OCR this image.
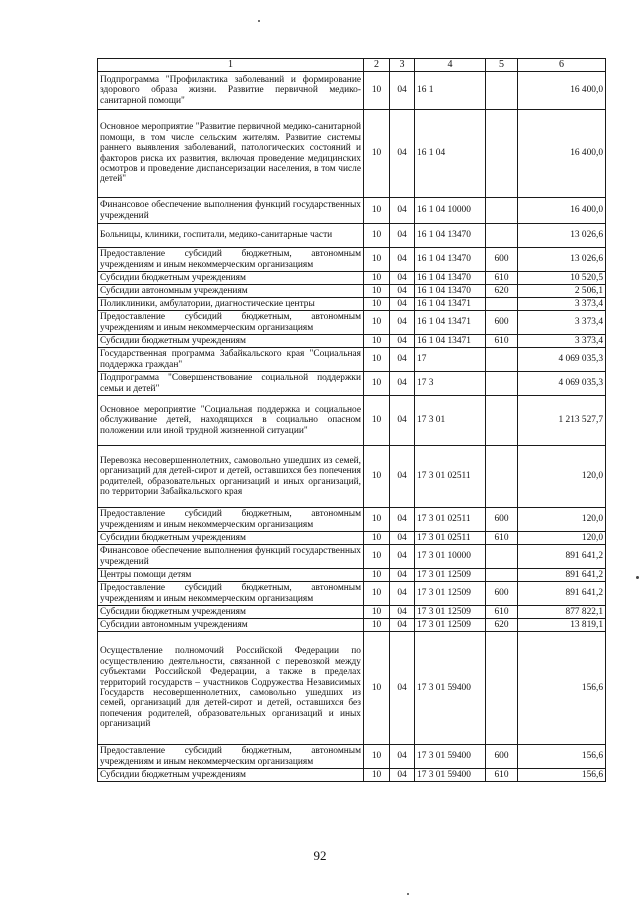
1	2	3	4	5	6
Подпрограмма "Профилактика заболеваний и формирование здорового образа жизни. Развитие первичной медико-санитарной помощи"	10	04	16 1		16 400,0
Основное мероприятие "Развитие первичной медико-санитарной помощи, в том числе сельским жителям. Развитие системы раннего выявления заболеваний, патологических состояний и факторов риска их развития, включая проведение медицинских осмотров и проведение диспансеризации населения, в том числе детей"	10	04	16 1 04		16 400,0
Финансовое обеспечение выполнения функций государственных учреждений	10	04	16 1 04 10000		16 400,0
Больницы, клиники, госпитали, медико-санитарные части	10	04	16 1 04 13470		13 026,6
Предоставление субсидий бюджетным, автономным учреждениям и иным некоммерческим организациям	10	04	16 1 04 13470	600	13 026,6
Субсидии бюджетным учреждениям	10	04	16 1 04 13470	610	10 520,5
Субсидии автономным учреждениям	10	04	16 1 04 13470	620	2 506,1
Поликлиники, амбулатории, диагностические центры	10	04	16 1 04 13471		3 373,4
Предоставление субсидий бюджетным, автономным учреждениям и иным некоммерческим организациям	10	04	16 1 04 13471	600	3 373,4
Субсидии бюджетным учреждениям	10	04	16 1 04 13471	610	3 373,4
Государственная программа Забайкальского края "Социальная поддержка граждан"	10	04	17		4 069 035,3
Подпрограмма "Совершенствование социальной поддержки семьи и детей"	10	04	17 3		4 069 035,3
Основное мероприятие "Социальная поддержка и социальное обслуживание детей, находящихся в социально опасном положении или иной трудной жизненной ситуации"	10	04	17 3 01		1 213 527,7
Перевозка несовершеннолетних, самовольно ушедших из семей, организаций для детей-сирот и детей, оставшихся без попечения родителей, образовательных организаций и иных организаций, по территории Забайкальского края	10	04	17 3 01 02511		120,0
Предоставление субсидий бюджетным, автономным учреждениям и иным некоммерческим организациям	10	04	17 3 01 02511	600	120,0
Субсидии бюджетным учреждениям	10	04	17 3 01 02511	610	120,0
Финансовое обеспечение выполнения функций государственных учреждений	10	04	17 3 01 10000		891 641,2
Центры помощи детям	10	04	17 3 01 12509		891 641,2
Предоставление субсидий бюджетным, автономным учреждениям и иным некоммерческим организациям	10	04	17 3 01 12509	600	891 641,2
Субсидии бюджетным учреждениям	10	04	17 3 01 12509	610	877 822,1
Субсидии автономным учреждениям	10	04	17 3 01 12509	620	13 819,1
Осуществление полномочий Российской Федерации по осуществлению деятельности, связанной с перевозкой между субъектами Российской Федерации, а также в пределах территорий государств – участников Содружества Независимых Государств несовершеннолетних, самовольно ушедших из семей, организаций для детей-сирот и детей, оставшихся без попечения родителей, образовательных организаций и иных организаций	10	04	17 3 01 59400		156,6
Предоставление субсидий бюджетным, автономным учреждениям и иным некоммерческим организациям	10	04	17 3 01 59400	600	156,6
Субсидии бюджетным учреждениям	10	04	17 3 01 59400	610	156,6
92
